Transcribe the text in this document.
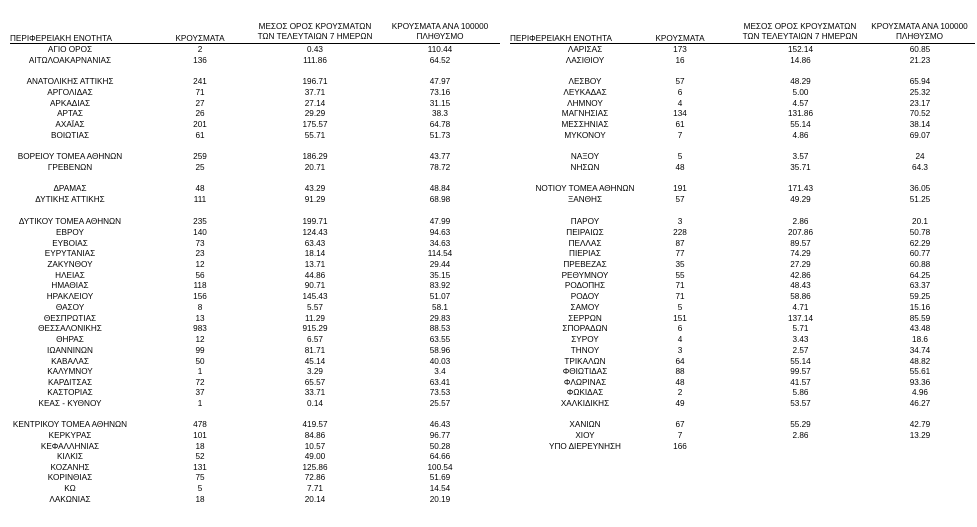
ΠΕΡΙΦΕΡΕΙΑΚΗ ΕΝΟΤΗΤΑ	ΚΡΟΥΣΜΑΤΑ
ΜΕΣΟΣ ΟΡΟΣ ΚΡΟΥΣΜΑΤΩΝ
ΤΩΝ ΤΕΛΕΥΤΑΙΩΝ 7 ΗΜΕΡΩΝ
ΚΡΟΥΣΜΑΤΑ ΑΝΑ 100000
ΠΛΗΘΥΣΜΟ	ΠΕΡΙΦΕΡΕΙΑΚΗ ΕΝΟΤΗΤΑ	ΚΡΟΥΣΜΑΤΑ
ΜΕΣΟΣ ΟΡΟΣ ΚΡΟΥΣΜΑΤΩΝ
ΤΩΝ ΤΕΛΕΥΤΑΙΩΝ 7 ΗΜΕΡΩΝ
ΚΡΟΥΣΜΑΤΑ ΑΝΑ 100000
ΠΛΗΘΥΣΜΟ
ΑΓΙΟ ΟΡΟΣ	2	0.43	110.44
ΑΙΤΩΛΟΑΚΑΡΝΑΝΙΑΣ	136	111.86	64.52
ΑΝΑΤΟΛΙΚΗΣ ΑΤΤΙΚΗΣ	241	196.71	47.97
ΑΡΓΟΛΙΔΑΣ	71	37.71	73.16
ΑΡΚΑΔΙΑΣ	27	27.14	31.15
ΑΡΤΑΣ	26	29.29	38.3
ΑΧΑΪΑΣ	201	175.57	64.78
ΒΟΙΩΤΙΑΣ	61	55.71	51.73
ΒΟΡΕΙΟΥ ΤΟΜΕΑ ΑΘΗΝΩΝ	259	186.29	43.77
ΓΡΕΒΕΝΩΝ	25	20.71	78.72
ΔΡΑΜΑΣ	48	43.29	48.84
ΔΥΤΙΚΗΣ ΑΤΤΙΚΗΣ	111	91.29	68.98
ΔΥΤΙΚΟΥ ΤΟΜΕΑ ΑΘΗΝΩΝ	235	199.71	47.99
ΕΒΡΟΥ	140	124.43	94.63
ΕΥΒΟΙΑΣ	73	63.43	34.63
ΕΥΡΥΤΑΝΙΑΣ	23	18.14	114.54
ΖΑΚΥΝΘΟΥ	12	13.71	29.44
ΗΛΕΙΑΣ	56	44.86	35.15
ΗΜΑΘΙΑΣ	118	90.71	83.92
ΗΡΑΚΛΕΙΟΥ	156	145.43	51.07
ΘΑΣΟΥ	8	5.57	58.1
ΘΕΣΠΡΩΤΙΑΣ	13	11.29	29.83
ΘΕΣΣΑΛΟΝΙΚΗΣ	983	915.29	88.53
ΘΗΡΑΣ	12	6.57	63.55
ΙΩΑΝΝΙΝΩΝ	99	81.71	58.96
ΚΑΒΑΛΑΣ	50	45.14	40.03
ΚΑΛΥΜΝΟΥ	1	3.29	3.4
ΚΑΡΔΙΤΣΑΣ	72	65.57	63.41
ΚΑΣΤΟΡΙΑΣ	37	33.71	73.53
ΚΕΑΣ - ΚΥΘΝΟΥ	1	0.14	25.57
ΚΕΝΤΡΙΚΟΥ ΤΟΜΕΑ ΑΘΗΝΩΝ	478	419.57	46.43
ΚΕΡΚΥΡΑΣ	101	84.86	96.77
ΚΕΦΑΛΛΗΝΙΑΣ	18	10.57	50.28
ΚΙΛΚΙΣ	52	49.00	64.66
ΚΟΖΑΝΗΣ	131	125.86	100.54
ΚΟΡΙΝΘΙΑΣ	75	72.86	51.69
ΚΩ	5	7.71	14.54
ΛΑΚΩΝΙΑΣ	18	20.14	20.19
ΛΑΡΙΣΑΣ	173	152.14	60.85
ΛΑΣΙΘΙΟΥ	16	14.86	21.23
ΛΕΣΒΟΥ	57	48.29	65.94
ΛΕΥΚΑΔΑΣ	6	5.00	25.32
ΛΗΜΝΟΥ	4	4.57	23.17
ΜΑΓΝΗΣΙΑΣ	134	131.86	70.52
ΜΕΣΣΗΝΙΑΣ	61	55.14	38.14
ΜΥΚΟΝΟΥ	7	4.86	69.07
ΝΑΞΟΥ	5	3.57	24
ΝΗΣΩΝ	48	35.71	64.3
ΝΟΤΙΟΥ ΤΟΜΕΑ ΑΘΗΝΩΝ	191	171.43	36.05
ΞΑΝΘΗΣ	57	49.29	51.25
ΠΑΡΟΥ	3	2.86	20.1
ΠΕΙΡΑΙΩΣ	228	207.86	50.78
ΠΕΛΛΑΣ	87	89.57	62.29
ΠΙΕΡΙΑΣ	77	74.29	60.77
ΠΡΕΒΕΖΑΣ	35	27.29	60.88
ΡΕΘΥΜΝΟΥ	55	42.86	64.25
ΡΟΔΟΠΗΣ	71	48.43	63.37
ΡΟΔΟΥ	71	58.86	59.25
ΣΑΜΟΥ	5	4.71	15.16
ΣΕΡΡΩΝ	151	137.14	85.59
ΣΠΟΡΑΔΩΝ	6	5.71	43.48
ΣΥΡΟΥ	4	3.43	18.6
ΤΗΝΟΥ	3	2.57	34.74
ΤΡΙΚΑΛΩΝ	64	55.14	48.82
ΦΘΙΩΤΙΔΑΣ	88	99.57	55.61
ΦΛΩΡΙΝΑΣ	48	41.57	93.36
ΦΩΚΙΔΑΣ	2	5.86	4.96
ΧΑΛΚΙΔΙΚΗΣ	49	53.57	46.27
ΧΑΝΙΩΝ	67	55.29	42.79
ΧΙΟΥ	7	2.86	13.29
ΥΠΟ ΔΙΕΡΕΥΝΗΣΗ	166
